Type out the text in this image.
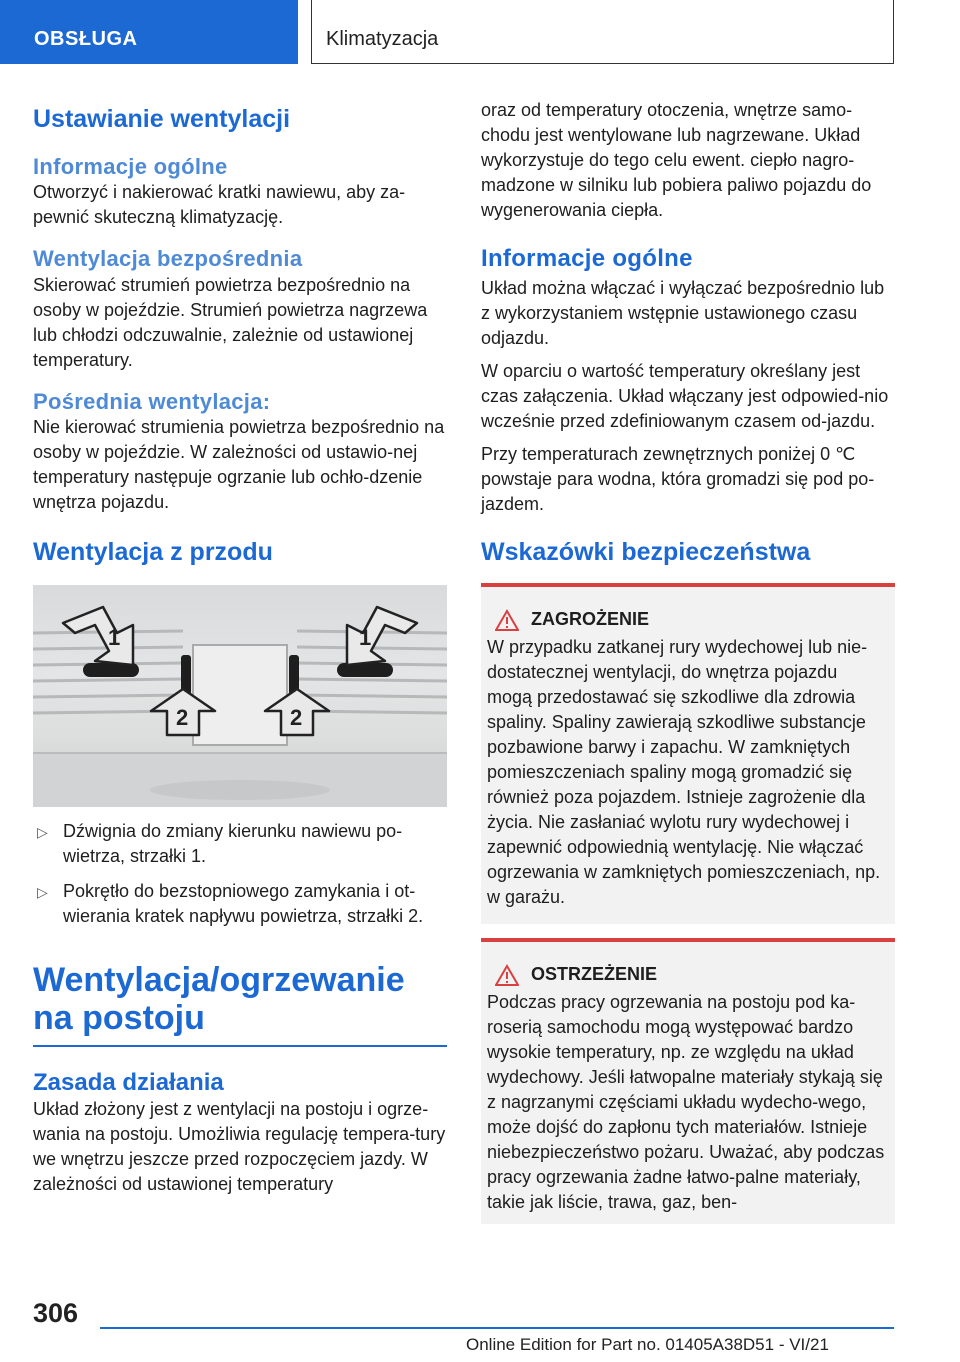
OBSŁUGA	Klimatyzacja
Ustawianie wentylacji
Informacje ogólne

Otworzyć i nakierować kratki nawiewu, aby za-pewnić skuteczną klimatyzację.

Wentylacja bezpośrednia

Skierować strumień powietrza bezpośrednio na osoby w pojeździe. Strumień powietrza nagrzewa lub chłodzi odczuwalnie, zależnie od ustawionej temperatury.

Pośrednia wentylacja:

Nie kierować strumienia powietrza bezpośrednio na osoby w pojeździe. W zależności od ustawio-nej temperatury następuje ogrzanie lub ochło-dzenie wnętrza pojazdu.

Wentylacja z przodu
1	1
2	2
▷ Dźwignia do zmiany kierunku nawiewu po-wietrza, strzałki 1.
▷ Pokrętło do bezstopniowego zamykania i ot-wierania kratek napływu powietrza, strzałki 2.
Wentylacja/ogrzewanie na postoju
Zasada działania

Układ złożony jest z wentylacji na postoju i ogrze-wania na postoju. Umożliwia regulację tempera-tury we wnętrzu jeszcze przed rozpoczęciem jazdy. W zależności od ustawionej temperatury

oraz od temperatury otoczenia, wnętrze samo-chodu jest wentylowane lub nagrzewane. Układ wykorzystuje do tego celu ewent. ciepło nagro-madzone w silniku lub pobiera paliwo pojazdu do wygenerowania ciepła.

Informacje ogólne

Układ można włączać i wyłączać bezpośrednio lub z wykorzystaniem wstępnie ustawionego czasu odjazdu.

W oparciu o wartość temperatury określany jest czas załączenia. Układ włączany jest odpowied-nio wcześnie przed zdefiniowanym czasem od-jazdu.

Przy temperaturach zewnętrznych poniżej 0 ℃ powstaje para wodna, która gromadzi się pod po-jazdem.

Wskazówki bezpieczeństwa
ZAGROŻENIE

W przypadku zatkanej rury wydechowej lub nie-dostatecznej wentylacji, do wnętrza pojazdu mogą przedostawać się szkodliwe dla zdrowia spaliny. Spaliny zawierają szkodliwe substancje pozbawione barwy i zapachu. W zamkniętych pomieszczeniach spaliny mogą gromadzić się również poza pojazdem. Istnieje zagrożenie dla życia. Nie zasłaniać wylotu rury wydechowej i zapewnić odpowiednią wentylację. Nie włączać ogrzewania w zamkniętych pomieszczeniach, np. w garażu.

OSTRZEŻENIE

Podczas pracy ogrzewania na postoju pod ka-roserią samochodu mogą występować bardzo wysokie temperatury, np. ze względu na układ wydechowy. Jeśli łatwopalne materiały stykają się z nagrzanymi częściami układu wydecho-wego, może dojść do zapłonu tych materiałów. Istnieje niebezpieczeństwo pożaru. Uważać, aby podczas pracy ogrzewania żadne łatwo-palne materiały, takie jak liście, trawa, gaz, ben-

306
Online Edition for Part no. 01405A38D51 - VI/21
